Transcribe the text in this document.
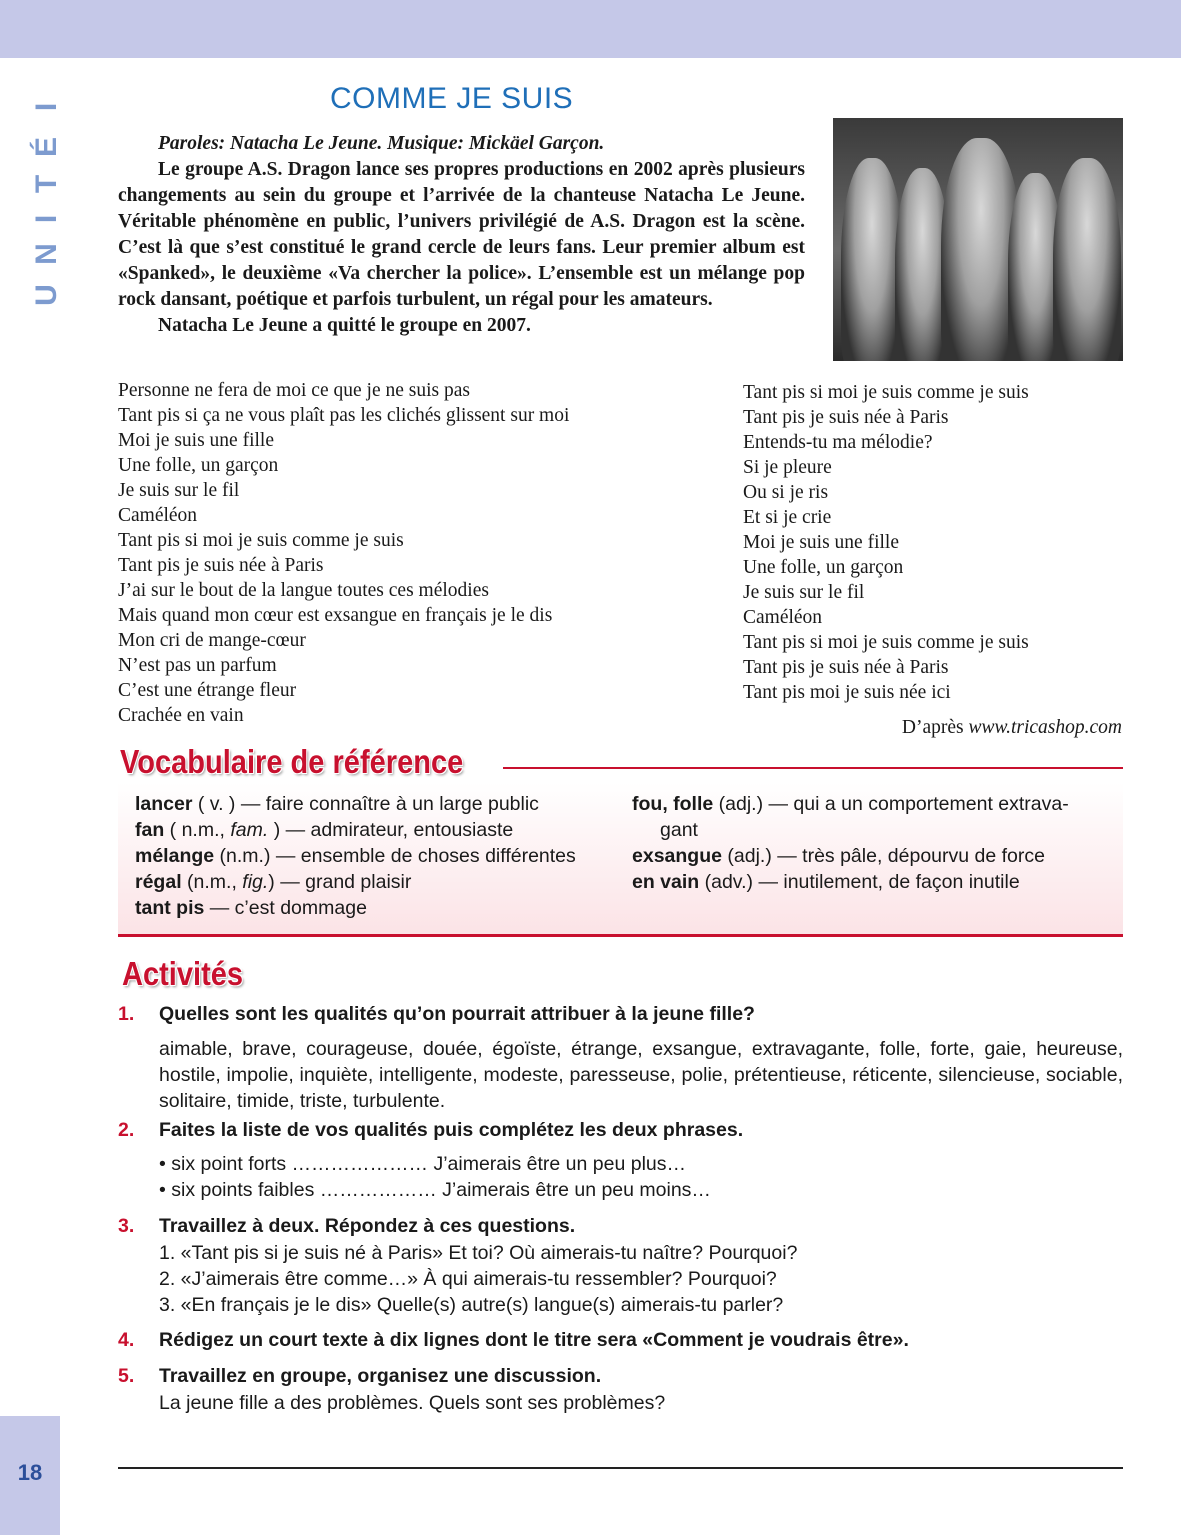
18
U
N
I
T
É
I	COMME JE SUIS

Paroles: Natacha Le Jeune. Musique: Mickäel Garçon.

Le groupe A.S. Dragon lance ses propres productions en 2002 après plusieurs changements au sein du groupe et l’arrivée de la chanteuse Natacha Le Jeune. Véritable phénomène en public, l’univers privilégié de A.S. Dragon est la scène. C’est là que s’est constitué le grand cercle de leurs fans. Leur premier album est «Spanked», le deuxième «Va chercher la police». L’ensemble est un mélange pop rock dansant, poétique et parfois turbulent, un régal pour les amateurs.

Natacha Le Jeune a quitté le groupe en 2007.

Personne ne fera de moi ce que je ne suis pas
Tant pis si ça ne vous plaît pas les clichés glissent sur moi
Moi je suis une fille
Une folle, un garçon
Je suis sur le fil
Caméléon
Tant pis si moi je suis comme je suis
Tant pis je suis née à Paris
J’ai sur le bout de la langue toutes ces mélodies
Mais quand mon cœur est exsangue en français je le dis
Mon cri de mange-cœur
N’est pas un parfum
C’est une étrange fleur
Crachée en vain
Tant pis si moi je suis comme je suis
Tant pis je suis née à Paris
Entends-tu ma mélodie?
Si je pleure
Ou si je ris
Et si je crie
Moi je suis une fille
Une folle, un garçon
Je suis sur le fil
Caméléon
Tant pis si moi je suis comme je suis
Tant pis je suis née à Paris
Tant pis moi je suis née ici
D’après www.tricashop.com
Vocabulaire de référence

lancer ( v. ) — faire connaître à un large public

fan ( n.m., fam. ) — admirateur, entousiaste

mélange (n.m.) — ensemble de choses différentes

régal (n.m., fig.) — grand plaisir

tant pis — c’est dommage

fou, folle (adj.) — qui a un comportement extrava-

gant

exsangue (adj.) — très pâle, dépourvu de force

en vain (adv.) — inutilement, de façon inutile

Activités
1. Quelles sont les qualités qu’on pourrait attribuer à la jeune fille?

aimable, brave, courageuse, douée, égoïste, étrange, exsangue, extravagante, folle, forte, gaie, heureuse, hostile, impolie, inquiète, intelligente, modeste, paresseuse, polie, prétentieuse, réticente, silencieuse, sociable, solitaire, timide, triste, turbulente.

2. Faites la liste de vos qualités puis complétez les deux phrases.

• six point forts ………………… J’aimerais être un peu plus…

• six points faibles ……………… J’aimerais être un peu moins…

3. Travaillez à deux. Répondez à ces questions.

1. «Tant pis si je suis né à Paris» Et toi? Où aimerais-tu naître? Pourquoi?

2. «J’aimerais être comme…» À qui aimerais-tu ressembler? Pourquoi?

3. «En français je le dis» Quelle(s) autre(s) langue(s) aimerais-tu parler?

4. Rédigez un court texte à dix lignes dont le titre sera «Comment je voudrais être».
5. Travaillez en groupe, organisez une discussion.

La jeune fille a des problèmes. Quels sont ses problèmes?
